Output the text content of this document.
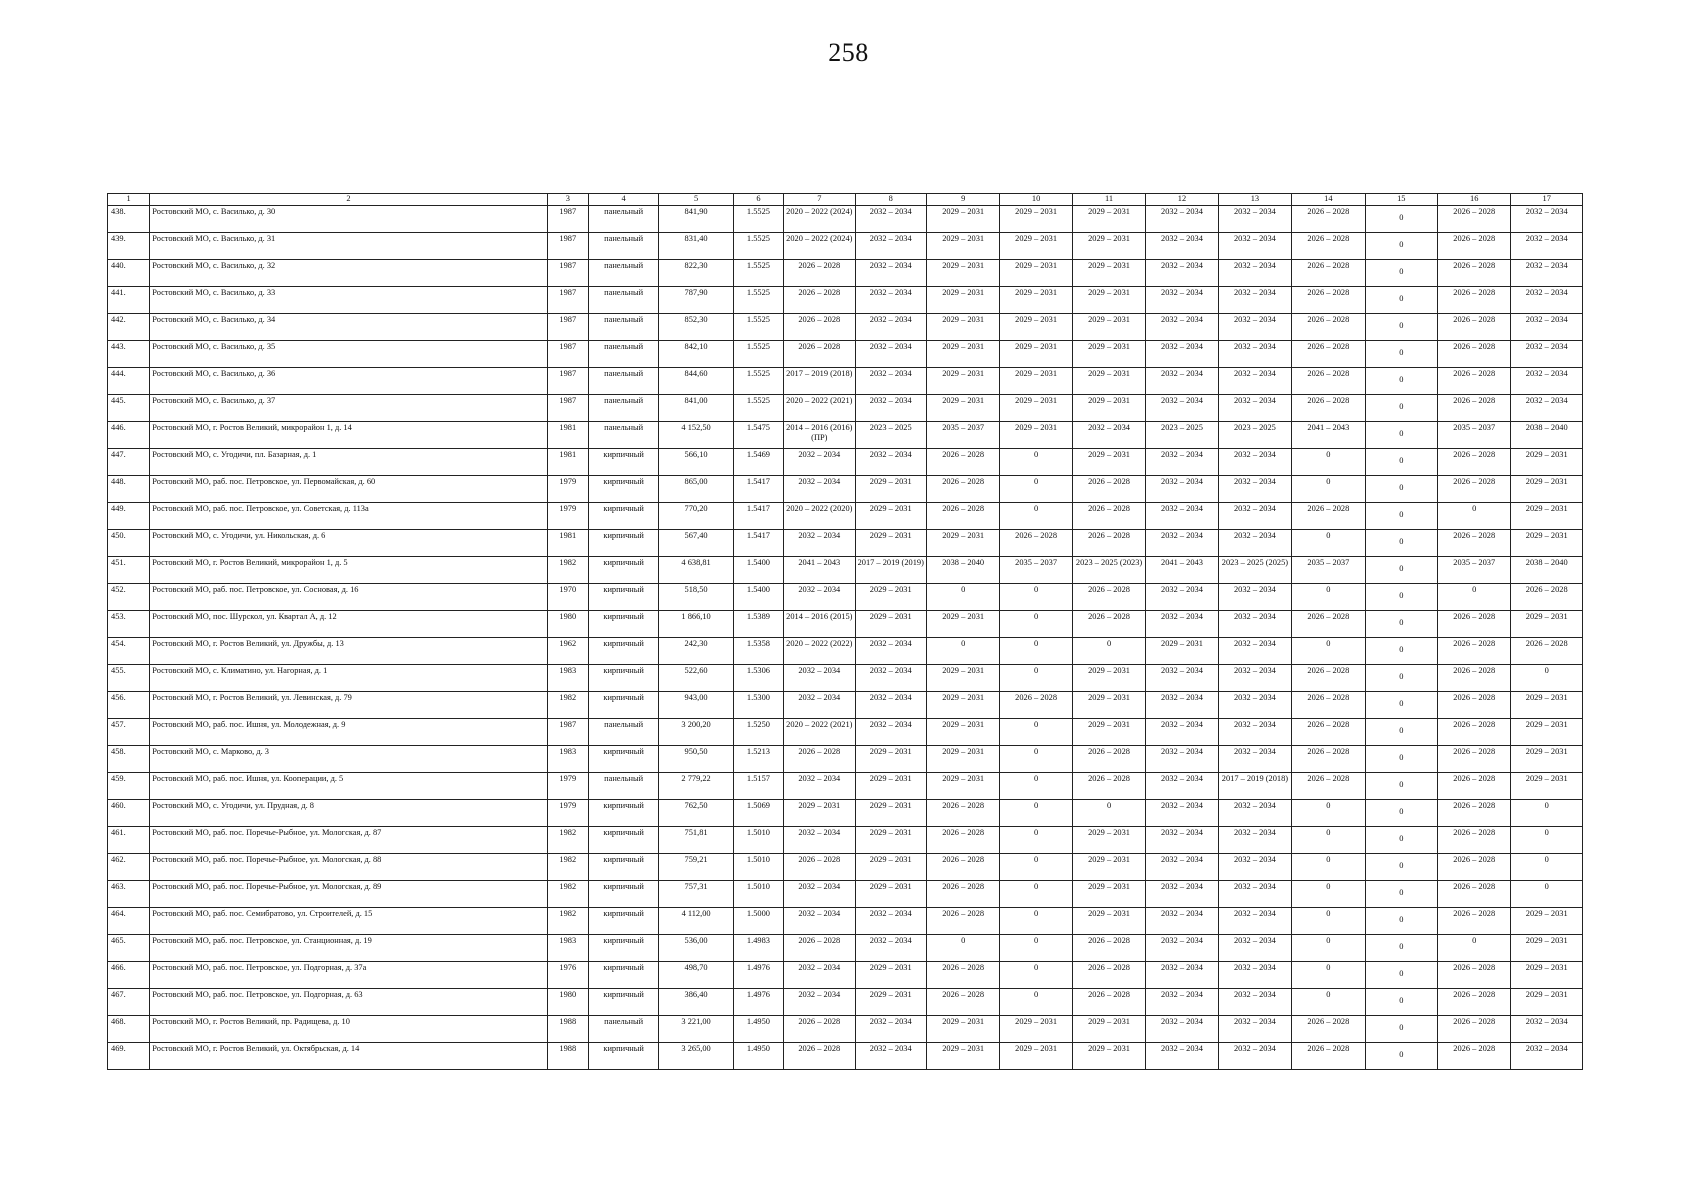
258
1	2	3	4	5	6	7	8	9	10	11	12	13	14	15	16	17
438.	Ростовский МО, с. Василько, д. 30	1987	панельный	841,90	1.5525	2020 – 2022 (2024)	2032 – 2034	2029 – 2031	2029 – 2031	2029 – 2031	2032 – 2034	2032 – 2034	2026 – 2028	0	2026 – 2028	2032 – 2034
439.	Ростовский МО, с. Василько, д. 31	1987	панельный	831,40	1.5525	2020 – 2022 (2024)	2032 – 2034	2029 – 2031	2029 – 2031	2029 – 2031	2032 – 2034	2032 – 2034	2026 – 2028	0	2026 – 2028	2032 – 2034
440.	Ростовский МО, с. Василько, д. 32	1987	панельный	822,30	1.5525	2026 – 2028	2032 – 2034	2029 – 2031	2029 – 2031	2029 – 2031	2032 – 2034	2032 – 2034	2026 – 2028	0	2026 – 2028	2032 – 2034
441.	Ростовский МО, с. Василько, д. 33	1987	панельный	787,90	1.5525	2026 – 2028	2032 – 2034	2029 – 2031	2029 – 2031	2029 – 2031	2032 – 2034	2032 – 2034	2026 – 2028	0	2026 – 2028	2032 – 2034
442.	Ростовский МО, с. Василько, д. 34	1987	панельный	852,30	1.5525	2026 – 2028	2032 – 2034	2029 – 2031	2029 – 2031	2029 – 2031	2032 – 2034	2032 – 2034	2026 – 2028	0	2026 – 2028	2032 – 2034
443.	Ростовский МО, с. Василько, д. 35	1987	панельный	842,10	1.5525	2026 – 2028	2032 – 2034	2029 – 2031	2029 – 2031	2029 – 2031	2032 – 2034	2032 – 2034	2026 – 2028	0	2026 – 2028	2032 – 2034
444.	Ростовский МО, с. Василько, д. 36	1987	панельный	844,60	1.5525	2017 – 2019 (2018)	2032 – 2034	2029 – 2031	2029 – 2031	2029 – 2031	2032 – 2034	2032 – 2034	2026 – 2028	0	2026 – 2028	2032 – 2034
445.	Ростовский МО, с. Василько, д. 37	1987	панельный	841,00	1.5525	2020 – 2022 (2021)	2032 – 2034	2029 – 2031	2029 – 2031	2029 – 2031	2032 – 2034	2032 – 2034	2026 – 2028	0	2026 – 2028	2032 – 2034
446.	Ростовский МО, г. Ростов Великий, микрорайон 1, д. 14	1981	панельный	4 152,50	1.5475	2014 – 2016 (2016) (ПР)	2023 – 2025	2035 – 2037	2029 – 2031	2032 – 2034	2023 – 2025	2023 – 2025	2041 – 2043	0	2035 – 2037	2038 – 2040
447.	Ростовский МО, с. Угодичи, пл. Базарная, д. 1	1981	кирпичный	566,10	1.5469	2032 – 2034	2032 – 2034	2026 – 2028	0	2029 – 2031	2032 – 2034	2032 – 2034	0	0	2026 – 2028	2029 – 2031
448.	Ростовский МО, раб. пос. Петровское, ул. Первомайская, д. 60	1979	кирпичный	865,00	1.5417	2032 – 2034	2029 – 2031	2026 – 2028	0	2026 – 2028	2032 – 2034	2032 – 2034	0	0	2026 – 2028	2029 – 2031
449.	Ростовский МО, раб. пос. Петровское, ул. Советская, д. 113а	1979	кирпичный	770,20	1.5417	2020 – 2022 (2020)	2029 – 2031	2026 – 2028	0	2026 – 2028	2032 – 2034	2032 – 2034	2026 – 2028	0	0	2029 – 2031
450.	Ростовский МО, с. Угодичи, ул. Никольская, д. 6	1981	кирпичный	567,40	1.5417	2032 – 2034	2029 – 2031	2029 – 2031	2026 – 2028	2026 – 2028	2032 – 2034	2032 – 2034	0	0	2026 – 2028	2029 – 2031
451.	Ростовский МО, г. Ростов Великий, микрорайон 1, д. 5	1982	кирпичный	4 638,81	1.5400	2041 – 2043	2017 – 2019 (2019)	2038 – 2040	2035 – 2037	2023 – 2025 (2023)	2041 – 2043	2023 – 2025 (2025)	2035 – 2037	0	2035 – 2037	2038 – 2040
452.	Ростовский МО, раб. пос. Петровское, ул. Сосновая, д. 16	1970	кирпичный	518,50	1.5400	2032 – 2034	2029 – 2031	0	0	2026 – 2028	2032 – 2034	2032 – 2034	0	0	0	2026 – 2028
453.	Ростовский МО, пос. Шурскол, ул. Квартал А, д. 12	1980	кирпичный	1 866,10	1.5389	2014 – 2016 (2015)	2029 – 2031	2029 – 2031	0	2026 – 2028	2032 – 2034	2032 – 2034	2026 – 2028	0	2026 – 2028	2029 – 2031
454.	Ростовский МО, г. Ростов Великий, ул. Дружбы, д. 13	1962	кирпичный	242,30	1.5358	2020 – 2022 (2022)	2032 – 2034	0	0	0	2029 – 2031	2032 – 2034	0	0	2026 – 2028	2026 – 2028
455.	Ростовский МО, с. Климатино, ул. Нагорная, д. 1	1983	кирпичный	522,60	1.5306	2032 – 2034	2032 – 2034	2029 – 2031	0	2029 – 2031	2032 – 2034	2032 – 2034	2026 – 2028	0	2026 – 2028	0
456.	Ростовский МО, г. Ростов Великий, ул. Левинская, д. 79	1982	кирпичный	943,00	1.5300	2032 – 2034	2032 – 2034	2029 – 2031	2026 – 2028	2029 – 2031	2032 – 2034	2032 – 2034	2026 – 2028	0	2026 – 2028	2029 – 2031
457.	Ростовский МО, раб. пос. Ишня, ул. Молодежная, д. 9	1987	панельный	3 200,20	1.5250	2020 – 2022 (2021)	2032 – 2034	2029 – 2031	0	2029 – 2031	2032 – 2034	2032 – 2034	2026 – 2028	0	2026 – 2028	2029 – 2031
458.	Ростовский МО, с. Марково, д. 3	1983	кирпичный	950,50	1.5213	2026 – 2028	2029 – 2031	2029 – 2031	0	2026 – 2028	2032 – 2034	2032 – 2034	2026 – 2028	0	2026 – 2028	2029 – 2031
459.	Ростовский МО, раб. пос. Ишня, ул. Кооперации, д. 5	1979	панельный	2 779,22	1.5157	2032 – 2034	2029 – 2031	2029 – 2031	0	2026 – 2028	2032 – 2034	2017 – 2019 (2018)	2026 – 2028	0	2026 – 2028	2029 – 2031
460.	Ростовский МО, с. Угодичи, ул. Прудная, д. 8	1979	кирпичный	762,50	1.5069	2029 – 2031	2029 – 2031	2026 – 2028	0	0	2032 – 2034	2032 – 2034	0	0	2026 – 2028	0
461.	Ростовский МО, раб. пос. Поречье-Рыбное, ул. Мологская, д. 87	1982	кирпичный	751,81	1.5010	2032 – 2034	2029 – 2031	2026 – 2028	0	2029 – 2031	2032 – 2034	2032 – 2034	0	0	2026 – 2028	0
462.	Ростовский МО, раб. пос. Поречье-Рыбное, ул. Мологская, д. 88	1982	кирпичный	759,21	1.5010	2026 – 2028	2029 – 2031	2026 – 2028	0	2029 – 2031	2032 – 2034	2032 – 2034	0	0	2026 – 2028	0
463.	Ростовский МО, раб. пос. Поречье-Рыбное, ул. Мологская, д. 89	1982	кирпичный	757,31	1.5010	2032 – 2034	2029 – 2031	2026 – 2028	0	2029 – 2031	2032 – 2034	2032 – 2034	0	0	2026 – 2028	0
464.	Ростовский МО, раб. пос. Семибратово, ул. Строителей, д. 15	1982	кирпичный	4 112,00	1.5000	2032 – 2034	2032 – 2034	2026 – 2028	0	2029 – 2031	2032 – 2034	2032 – 2034	0	0	2026 – 2028	2029 – 2031
465.	Ростовский МО, раб. пос. Петровское, ул. Станционная, д. 19	1983	кирпичный	536,00	1.4983	2026 – 2028	2032 – 2034	0	0	2026 – 2028	2032 – 2034	2032 – 2034	0	0	0	2029 – 2031
466.	Ростовский МО, раб. пос. Петровское, ул. Подгорная, д. 37а	1976	кирпичный	498,70	1.4976	2032 – 2034	2029 – 2031	2026 – 2028	0	2026 – 2028	2032 – 2034	2032 – 2034	0	0	2026 – 2028	2029 – 2031
467.	Ростовский МО, раб. пос. Петровское, ул. Подгорная, д. 63	1980	кирпичный	386,40	1.4976	2032 – 2034	2029 – 2031	2026 – 2028	0	2026 – 2028	2032 – 2034	2032 – 2034	0	0	2026 – 2028	2029 – 2031
468.	Ростовский МО, г. Ростов Великий, пр. Радищева, д. 10	1988	панельный	3 221,00	1.4950	2026 – 2028	2032 – 2034	2029 – 2031	2029 – 2031	2029 – 2031	2032 – 2034	2032 – 2034	2026 – 2028	0	2026 – 2028	2032 – 2034
469.	Ростовский МО, г. Ростов Великий, ул. Октябрьская, д. 14	1988	кирпичный	3 265,00	1.4950	2026 – 2028	2032 – 2034	2029 – 2031	2029 – 2031	2029 – 2031	2032 – 2034	2032 – 2034	2026 – 2028	0	2026 – 2028	2032 – 2034
